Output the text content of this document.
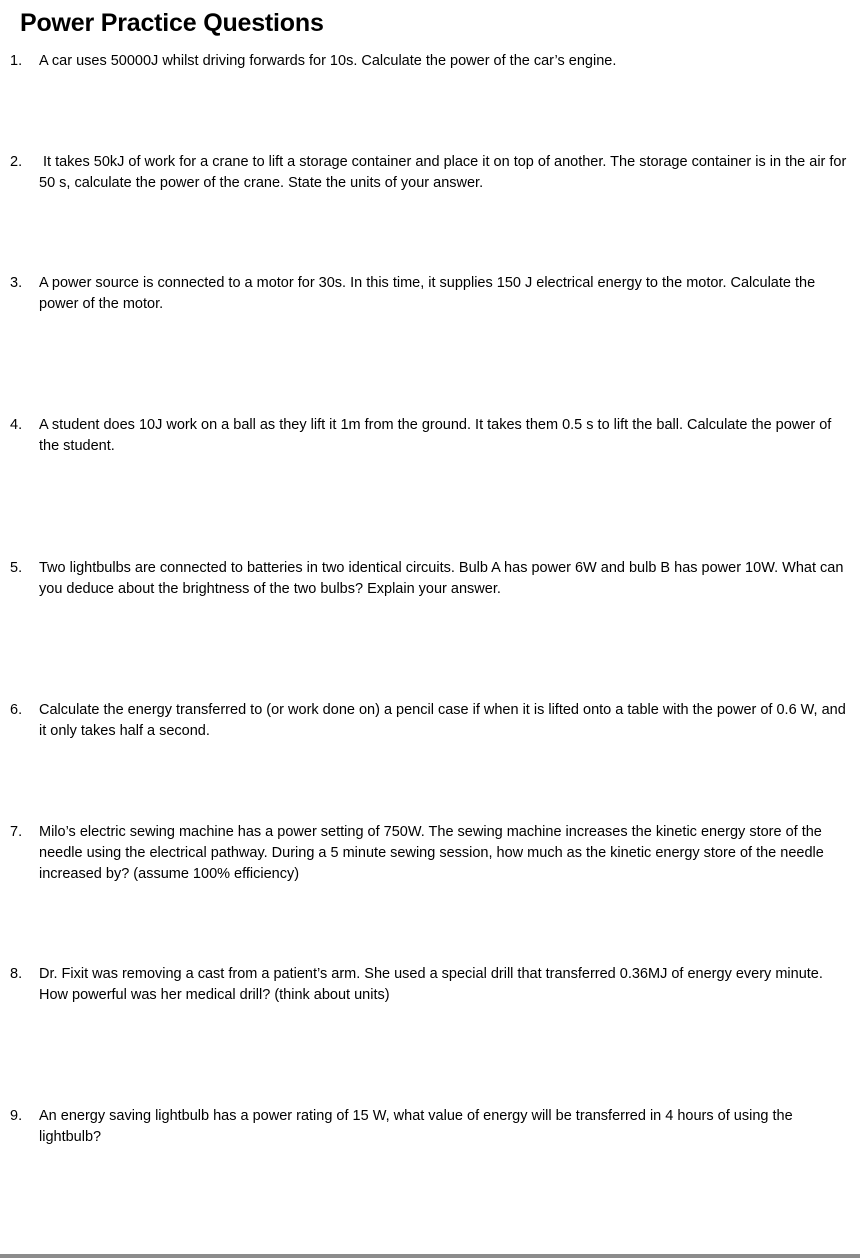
Power Practice Questions
1.	A car uses 50000J whilst driving forwards for 10s. Calculate the power of the car’s engine.
2.	It takes 50kJ of work for a crane to lift a storage container and place it on top of another. The storage container is in the air for 50 s, calculate the power of the crane. State the units of your answer.
3.	A power source is connected to a motor for 30s. In this time, it supplies 150 J electrical energy to the motor. Calculate the power of the motor.
4.	A student does 10J work on a ball as they lift it 1m from the ground. It takes them 0.5 s to lift the ball. Calculate the power of the student.
5.	Two lightbulbs are connected to batteries in two identical circuits. Bulb A has power 6W and bulb B has power 10W. What can you deduce about the brightness of the two bulbs? Explain your answer.
6.	Calculate the energy transferred to (or work done on) a pencil case if when it is lifted onto a table with the power of 0.6 W, and it only takes half a second.
7.	Milo’s electric sewing machine has a power setting of 750W. The sewing machine increases the kinetic energy store of the needle using the electrical pathway. During a 5 minute sewing session, how much as the kinetic energy store of the needle increased by? (assume 100% efficiency)
8.	Dr. Fixit was removing a cast from a patient’s arm. She used a special drill that transferred 0.36MJ of energy every minute. How powerful was her medical drill? (think about units)
9.	An energy saving lightbulb has a power rating of 15 W, what value of energy will be transferred in 4 hours of using the lightbulb?
